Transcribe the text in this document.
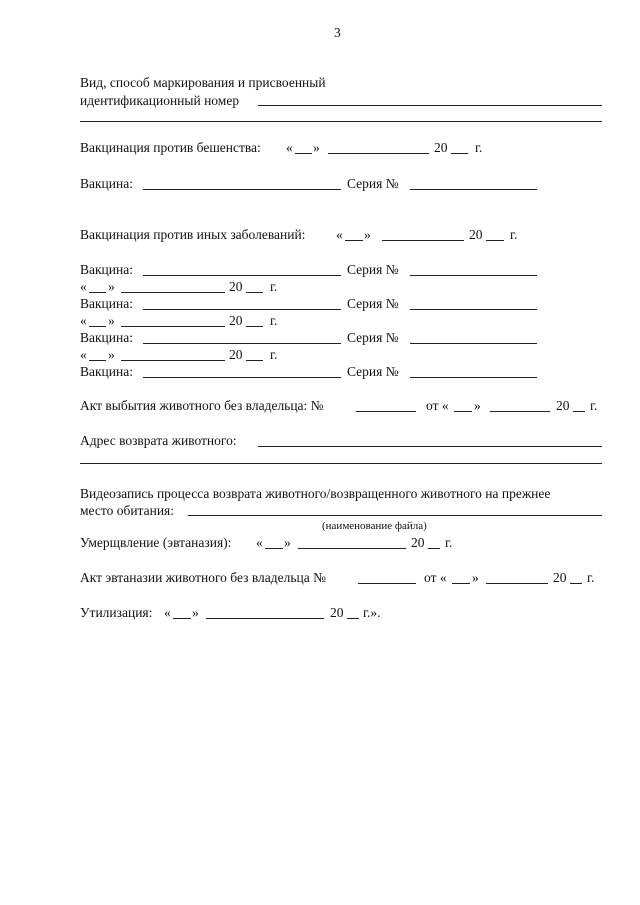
3
Вид, способ маркирования и присвоенный
идентификационный номер
Вакцинация против бешенства: « »	20 г.
Вакцина:	Серия №
Вакцинация против иных заболеваний: « »	20 г.
Вакцина:	Серия №
« »	20 г.
Вакцина:	Серия №
« »	20 г.
Вакцина:	Серия №
« »	20 г.
Вакцина:	Серия №
Акт выбытия животного без владельца: №	от « »	20 г.
Адрес возврата животного:
Видеозапись процесса возврата животного/возвращенного животного на прежнее
место обитания:
(наименование файла)
Умерщвление (эвтаназия): « »	20 г.
Акт эвтаназии животного без владельца №	от « »	20 г.
Утилизация: « »	20 г.».
